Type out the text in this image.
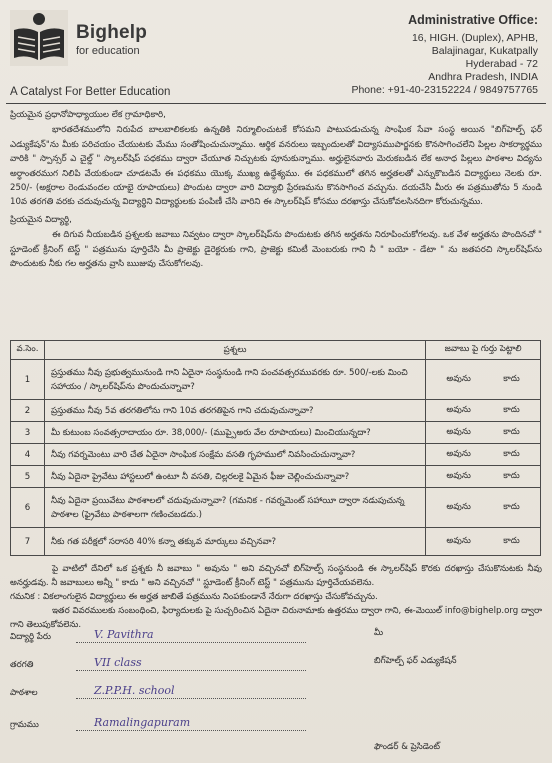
Bighelp
for education
A Catalyst For Better Education
Administrative Office:
16, HIGH. (Duplex), APHB,
Balajinagar, Kukatpally
Hyderabad - 72
Andhra Pradesh, INDIA
Phone: +91-40-23152224 / 9849757765
ప్రియమైన ప్రధానోపాధ్యాయుల లేక గ్రామాధికారి,
భారతదేశములోని నిరుపేద బాలబాలికలకు ఉన్నతికి నిర్మూలించుటకే కోసమని పాటుపడుచున్న సాంఘిక సేవా సంస్థ అయిన "బిగ్‌హెల్ప్ ఫర్ ఎడ్యుకేషన్"ను మీకు పరిచయం చేయుటకు మేము సంతోషించుచున్నాము. ఆర్థిక వనరులు ఇబ్బందులతో విద్యాసముపార్జనకు కొనసాగించలేని పిల్లల సాకర్యార్థము వారికి " స్పాన్సర్ ఎ చైల్డ్ " స్కాలర్‌షిప్ పధకము ద్వారా చేయూత నిచ్చుటకు పూనుకున్నాము. అర్హులైనవారు మెరుకబడిన లేక అనాధ పిల్లలు పాఠశాల విద్యను అర్ధాంతరముగ నిలిపి వేయకుండా చూడటమే ఈ పధకము యొక్క ముఖ్య ఉద్దేశ్యము. ఈ పధకములో తగిన అర్హతలతో ఎన్నుకొబడిన విద్యార్థులు నెలకు రూ. 250/- (అక్షరాల రెండువందల యాభై రూపాయలు) పొందుట ద్వారా వారి విద్యాభి ప్రేరణమను కొనసాగించ వచ్చును. దయచేసి మీరు ఈ పత్రముతోను 5 నుండి 10వ తరగతి వరకు చదువుచున్న విద్యార్థిని విద్యార్థులకు పంపిణీ చేసి వారిని ఈ స్కాలర్‌షిప్ కోసము దరఖాస్తు చేసుకోవలసినదిగా కోరుచున్నము.
ప్రియమైన విద్యార్థి,
ఈ దిగువ నీయబడిన ప్రశ్నలకు జవాబు నివ్వటం ద్వారా స్కాలర్‌షిప్‌ను పొందుటకు తగిన అర్హతను నిరూపించుకోగలవు. ఒక వేళ అర్హతను పొందినచో " స్టూడెంట్ క్రీనింగ్ టెస్ట్ " పత్రమును పూర్తిచేసి మీ ప్రాజెక్టు డైరెక్టరుకు గాని, ప్రాజెక్టు కమిటీ మెంబరుకు గాని నీ " బయో - డేటా " ను జతపరచి స్కాలర్‌షిప్‌ను పొందుటకు నీకు గల అర్హతను వ్రాసి ఋజువు చేసుకోగలవు.
వ.సెం.	ప్రశ్నలు	జవాబు పై గుర్తు పెట్టాలి
1	ప్రస్తుతము నీవు ప్రభుత్వమునుండి గాని ఏదైనా సంస్థనుండి గాని పంచవత్సరమువరకు రూ. 500/-లకు మించి సహాయం / స్కాలర్‌షిప్‌ను పొందుచున్నావా?	అవును కాదు

2	ప్రస్తుతము నీవు 5వ తరగతిలోను గాని 10వ తరగతిపైన గాని చదువుచున్నావా?	అవును కాదు

3	మీ కుటుంబ సంవత్సరాదాయం రూ. 38,000/- (ముప్పైఅరు వేల రూపాయలు) మించియున్నదా?	అవును కాదు

4	నీవు గవర్నమెంటు వారి చేత ఏదైనా సాంఘిక సంక్షేమ వసతి గృహములో నివసించుచున్నావా?	అవును కాదు

5	నీవు ఏదైనా ప్రైవేటు హాస్టలులో ఉంటూ నీ వసతి, చిల్లరలకై ఏమైన ఫీజు చెల్లించుచున్నావా?	అవును కాదు

6	నీవు ఏదైనా ప్రయివేటు పాఠశాలలో చదువుచున్నావా? (గమనిక - గవర్నమెంట్ సహాయీ ద్వారా నడుపుచున్న పాఠశాల (ఫ్రైవేటు పాఠశాలగా గణించబడదు.)	అవును కాదు

7	నీకు గత పరీక్షలో సరాసరి 40% కన్నా తక్కువ మార్కులు వచ్చినవా?	అవును కాదు
పై వాటిలో దేనిలో ఒక ప్రశ్నకు నీ జవాబు " అవును " అని వచ్చినచో బిగ్‌హెల్ప్ సంస్థనుండి ఈ స్కాలర్‌షిప్ కొరకు దరఖాస్తు చేసుకొనుటకు నీవు అనర్హుడవు. నీ జవాబులు అన్నీ " కాదు " అని వచ్చినచో " స్టూడెంట్ క్రీనింగ్ టెస్ట్ " పత్రమును పూర్తిచేయవలెను.
గమనిక : వికలాంగులైన విద్యార్థులు ఈ అర్హత జాబితే పత్రమును నింపకుండానే నేరుగా దరఖాస్తు చేసుకోవచ్చును.
ఇతర వివరములకు సంబంధించి, ఫిర్యాదులకు పై సుచ్చరించిన ఏదైనా చిరునామాకు ఉత్తరము ద్వారా గాని, ఈ-మెయిల్ info@bighelp.org ద్వారా గాని తెలుపుకోవలెను.
విద్యార్థి పేరు	V. Pavithra
తరగతి	VII class
పాఠశాల	Z.P.P.H. school
గ్రామము	Ramalingapuram
మీ
బిగ్‌హెల్ప్ ఫర్ ఎడ్యుకేషన్
ఫౌండర్ & ప్రెసిడెంట్
